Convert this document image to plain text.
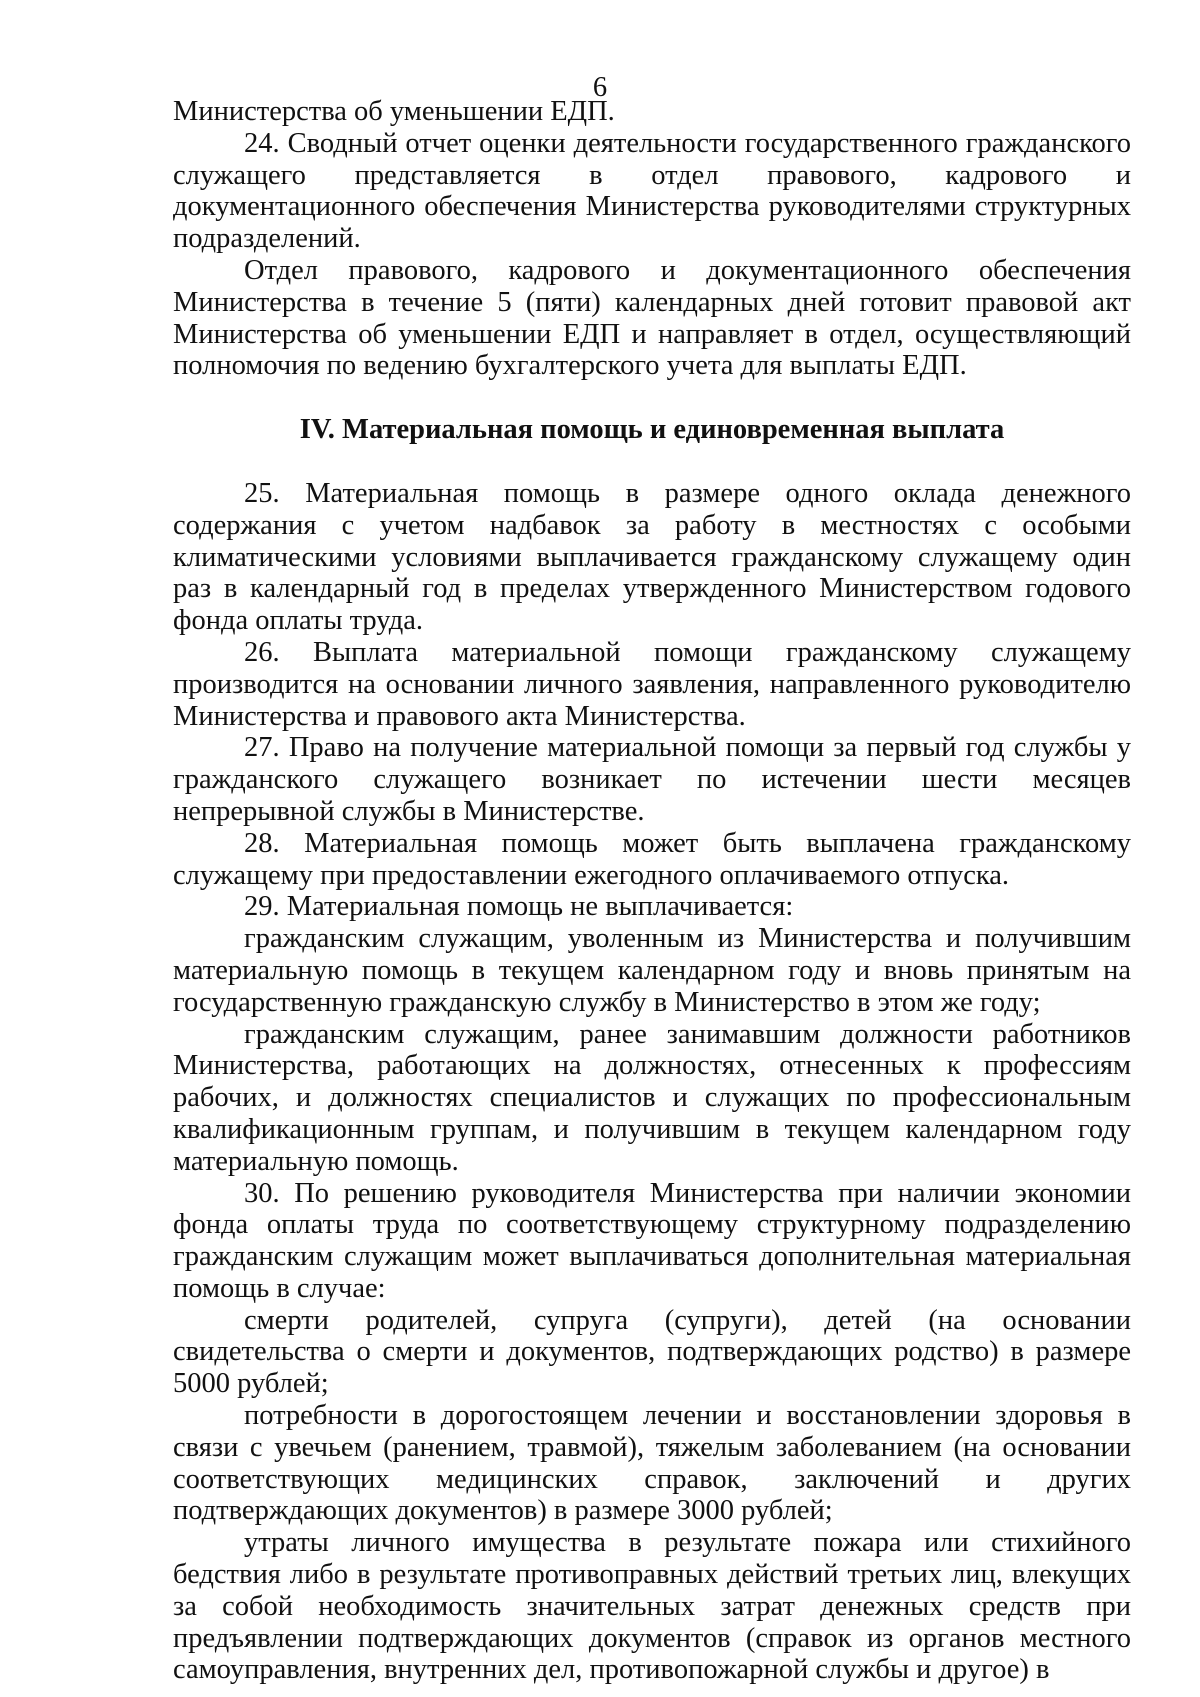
6

Министерства об уменьшении ЕДП.

24. Сводный отчет оценки деятельности государственного гражданского служащего представляется в отдел правового, кадрового и документационного обеспечения Министерства руководителями структурных подразделений.

Отдел правового, кадрового и документационного обеспечения Министерства в течение 5 (пяти) календарных дней готовит правовой акт Министерства об уменьшении ЕДП и направляет в отдел, осуществляющий полномочия по ведению бухгалтерского учета для выплаты ЕДП.

IV. Материальная помощь и единовременная выплата

25. Материальная помощь в размере одного оклада денежного содержания с учетом надбавок за работу в местностях с особыми климатическими условиями выплачивается гражданскому служащему один раз в календарный год в пределах утвержденного Министерством годового фонда оплаты труда.

26. Выплата материальной помощи гражданскому служащему производится на основании личного заявления, направленного руководителю Министерства и правового акта Министерства.

27. Право на получение материальной помощи за первый год службы у гражданского служащего возникает по истечении шести месяцев непрерывной службы в Министерстве.

28. Материальная помощь может быть выплачена гражданскому служащему при предоставлении ежегодного оплачиваемого отпуска.

29. Материальная помощь не выплачивается:

гражданским служащим, уволенным из Министерства и получившим материальную помощь в текущем календарном году и вновь принятым на государственную гражданскую службу в Министерство в этом же году;

гражданским служащим, ранее занимавшим должности работников Министерства, работающих на должностях, отнесенных к профессиям рабочих, и должностях специалистов и служащих по профессиональным квалификационным группам, и получившим в текущем календарном году материальную помощь.

30. По решению руководителя Министерства при наличии экономии фонда оплаты труда по соответствующему структурному подразделению гражданским служащим может выплачиваться дополнительная материальная помощь в случае:

смерти родителей, супруга (супруги), детей (на основании свидетельства о смерти и документов, подтверждающих родство) в размере 5000 рублей;

потребности в дорогостоящем лечении и восстановлении здоровья в связи с увечьем (ранением, травмой), тяжелым заболеванием (на основании соответствующих медицинских справок, заключений и других подтверждающих документов) в размере 3000 рублей;

утраты личного имущества в результате пожара или стихийного бедствия либо в результате противоправных действий третьих лиц, влекущих за собой необходимость значительных затрат денежных средств при предъявлении подтверждающих документов (справок из органов местного самоуправления, внутренних дел, противопожарной службы и другое) в
